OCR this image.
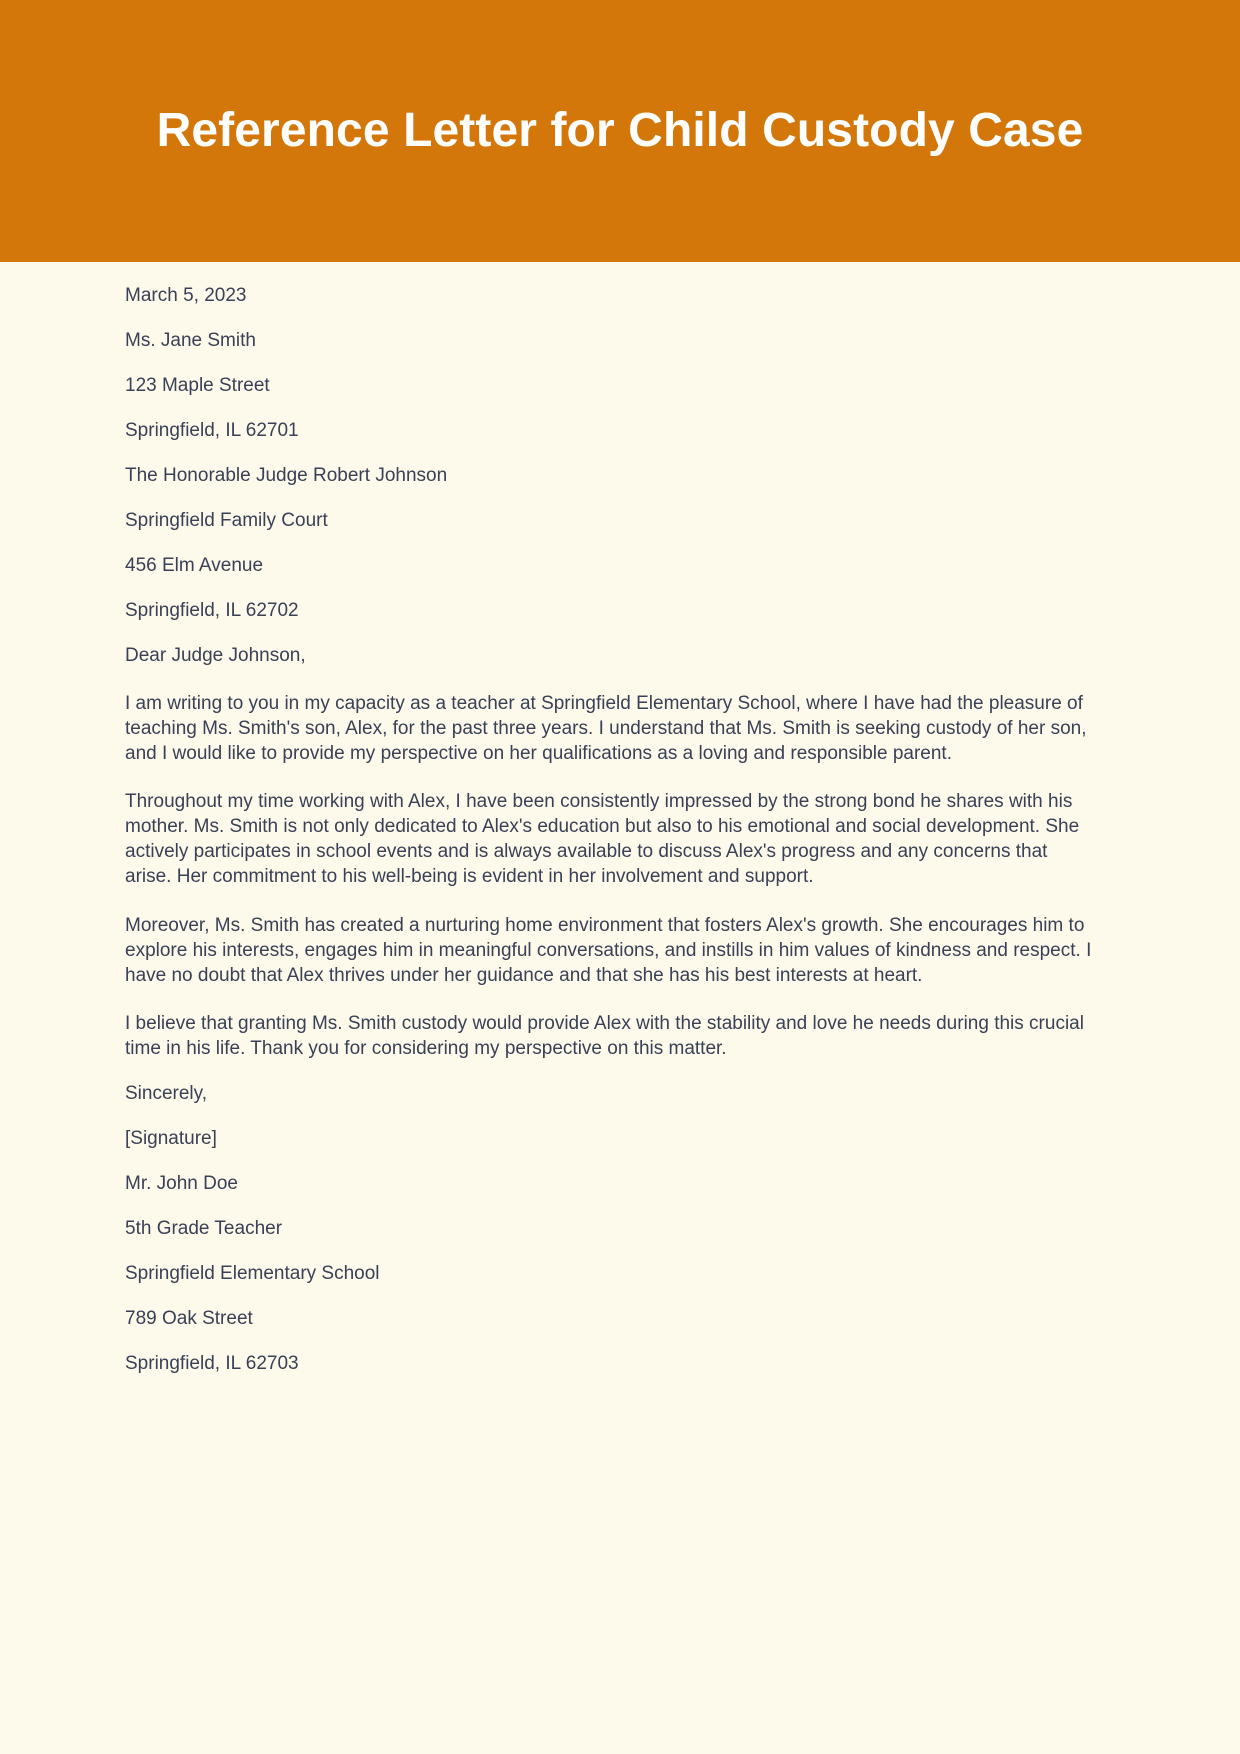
Reference Letter for Child Custody Case

March 5, 2023

Ms. Jane Smith

123 Maple Street

Springfield, IL 62701

The Honorable Judge Robert Johnson

Springfield Family Court

456 Elm Avenue

Springfield, IL 62702

Dear Judge Johnson,

I am writing to you in my capacity as a teacher at Springfield Elementary School, where I have had the pleasure of teaching Ms. Smith's son, Alex, for the past three years. I understand that Ms. Smith is seeking custody of her son, and I would like to provide my perspective on her qualifications as a loving and responsible parent.

Throughout my time working with Alex, I have been consistently impressed by the strong bond he shares with his mother. Ms. Smith is not only dedicated to Alex's education but also to his emotional and social development. She actively participates in school events and is always available to discuss Alex's progress and any concerns that arise. Her commitment to his well-being is evident in her involvement and support.

Moreover, Ms. Smith has created a nurturing home environment that fosters Alex's growth. She encourages him to explore his interests, engages him in meaningful conversations, and instills in him values of kindness and respect. I have no doubt that Alex thrives under her guidance and that she has his best interests at heart.

I believe that granting Ms. Smith custody would provide Alex with the stability and love he needs during this crucial time in his life. Thank you for considering my perspective on this matter.

Sincerely,

[Signature]

Mr. John Doe

5th Grade Teacher

Springfield Elementary School

789 Oak Street

Springfield, IL 62703
